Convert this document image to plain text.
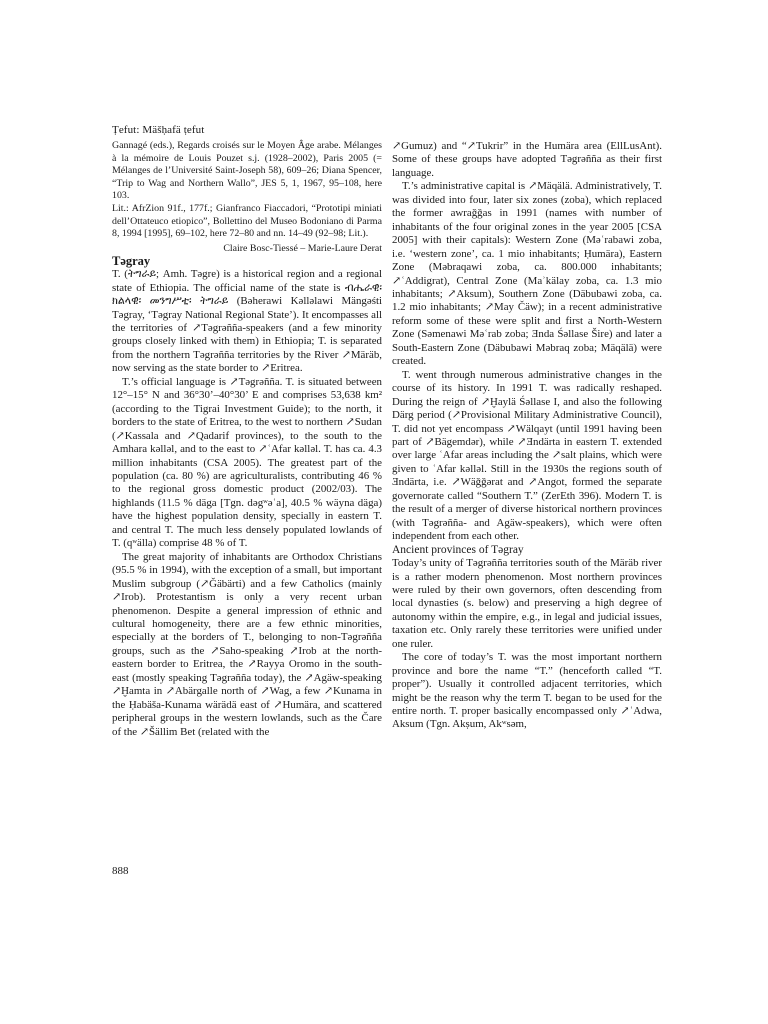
Ṭefut: Mäšḥafä ṭefut

Gannagé (eds.), Regards croisés sur le Moyen Âge arabe. Mélanges à la mémoire de Louis Pouzet s.j. (1928–2002), Paris 2005 (= Mélanges de l’Université Saint-Joseph 58), 609–26; Diana Spencer, “Trip to Wag and Northern Wallo”, JES 5, 1, 1967, 95–108, here 103.

Lit.: AfrZion 91f., 177f.; Gianfranco Fiaccadori, “Prototipi miniati dell’Ottateuco etiopico”, Bollettino del Museo Bodoniano di Parma 8, 1994 [1995], 69–102, here 72–80 and nn. 14–49 (92–98; Lit.).

Claire Bosc-Tiessé – Marie-Laure Derat

Təgray

T. (ትግራይ; Amh. Təgre) is a historical region and a regional state of Ethiopia. The official name of the state is ብሔራዊ፡ ክልላዊ፡ መንግሥቲ፡ ትግራይ (Bəherawi Kəlləlawi Mängəśti Təgray, ‘Təgray National Regional State’). It encompasses all the territories of ↗Təgrəñña-speakers (and a few minority groups closely linked with them) in Ethiopia; T. is separated from the northern Təgrəñña territories by the River ↗Märäb, now serving as the state border to ↗Eritrea.

T.’s official language is ↗Təgrəñña. T. is situated between 12°–15° N and 36°30’–40°30’ E and comprises 53,638 km² (according to the Tigrai Investment Guide); to the north, it borders to the state of Eritrea, to the west to northern ↗Sudan (↗Kassala and ↗Qadarif provinces), to the south to the Amhara kəlləl, and to the east to ↗ʿAfar kəlləl. T. has ca. 4.3 million inhabitants (CSA 2005). The greatest part of the population (ca. 80 %) are agriculturalists, contributing 46 % to the regional gross domestic product (2002/03). The highlands (11.5 % däga [Tgn. dəgʷəʿa], 40.5 % wäyna däga) have the highest population density, specially in eastern T. and central T. The much less densely populated lowlands of T. (qʷälla) comprise 48 % of T.

The great majority of inhabitants are Orthodox Christians (95.5 % in 1994), with the exception of a small, but important Muslim subgroup (↗Ǧäbärti) and a few Catholics (mainly ↗Irob). Protestantism is only a very recent urban phenomenon. Despite a general impression of ethnic and cultural homogeneity, there are a few ethnic minorities, especially at the borders of T., belonging to non-Təgrəñña groups, such as the ↗Saho-speaking ↗Irob at the north-eastern border to Eritrea, the ↗Rayya Oromo in the south-east (mostly speaking Təgrəñña today), the ↗Agäw-speaking ↗Ḫamta in ↗Abärgalle north of ↗Wag, a few ↗Kunama in the Ḥabäša-Kunama wärädä east of ↗Humära, and scattered peripheral groups in the western lowlands, such as the Čare of the ↗Šällim Bet (related with the

↗Gumuz) and “↗Tukrir” in the Humära area (EllLusAnt). Some of these groups have adopted Təgrəñña as their first language.

T.’s administrative capital is ↗Mäqälä. Administratively, T. was divided into four, later six zones (zoba), which replaced the former awraǧǧas in 1991 (names with number of inhabitants of the four original zones in the year 2005 [CSA 2005] with their capitals): Western Zone (Məʿrabawi zoba, i.e. ‘western zone’, ca. 1 mio inhabitants; Ḥumära), Eastern Zone (Məbraqawi zoba, ca. 800.000 inhabitants; ↗ʿAddigrat), Central Zone (Maʾkälay zoba, ca. 1.3 mio inhabitants; ↗Aksum), Southern Zone (Däbubawi zoba, ca. 1.2 mio inhabitants; ↗May Čäw); in a recent administrative reform some of these were split and first a North-Western Zone (Səmenawi Məʿrab zoba; Ǝnda Śəllase Šire) and later a South-Eastern Zone (Däbubawi Məbraq zoba; Mäqälä) were created.

T. went through numerous administrative changes in the course of its history. In 1991 T. was radically reshaped. During the reign of ↗Ḫaylä Śəllase I, and also the following Därg period (↗Provisional Military Administrative Council), T. did not yet encompass ↗Wälqayt (until 1991 having been part of ↗Bägemdər), while ↗Ǝndärta in eastern T. extended over large ʿAfar areas including the ↗salt plains, which were given to ʿAfar kəlləl. Still in the 1930s the regions south of Ǝndärta, i.e. ↗Wäǧǧərat and ↗Angot, formed the separate governorate called “Southern T.” (ZerEth 396). Modern T. is the result of a merger of diverse historical northern provinces (with Təgrəñña- and Agäw-speakers), which were often independent from each other.

Ancient provinces of Təgray

Today’s unity of Təgrəñña territories south of the Märäb river is a rather modern phenomenon. Most northern provinces were ruled by their own governors, often descending from local dynasties (s. below) and preserving a high degree of autonomy within the empire, e.g., in legal and judicial issues, taxation etc. Only rarely these territories were unified under one ruler.

The core of today’s T. was the most important northern province and bore the name “T.” (henceforth called “T. proper”). Usually it controlled adjacent territories, which might be the reason why the term T. began to be used for the entire north. T. proper basically encompassed only ↗ʿAdwa, Aksum (Tgn. Akṣum, Akʷsəm,

888
